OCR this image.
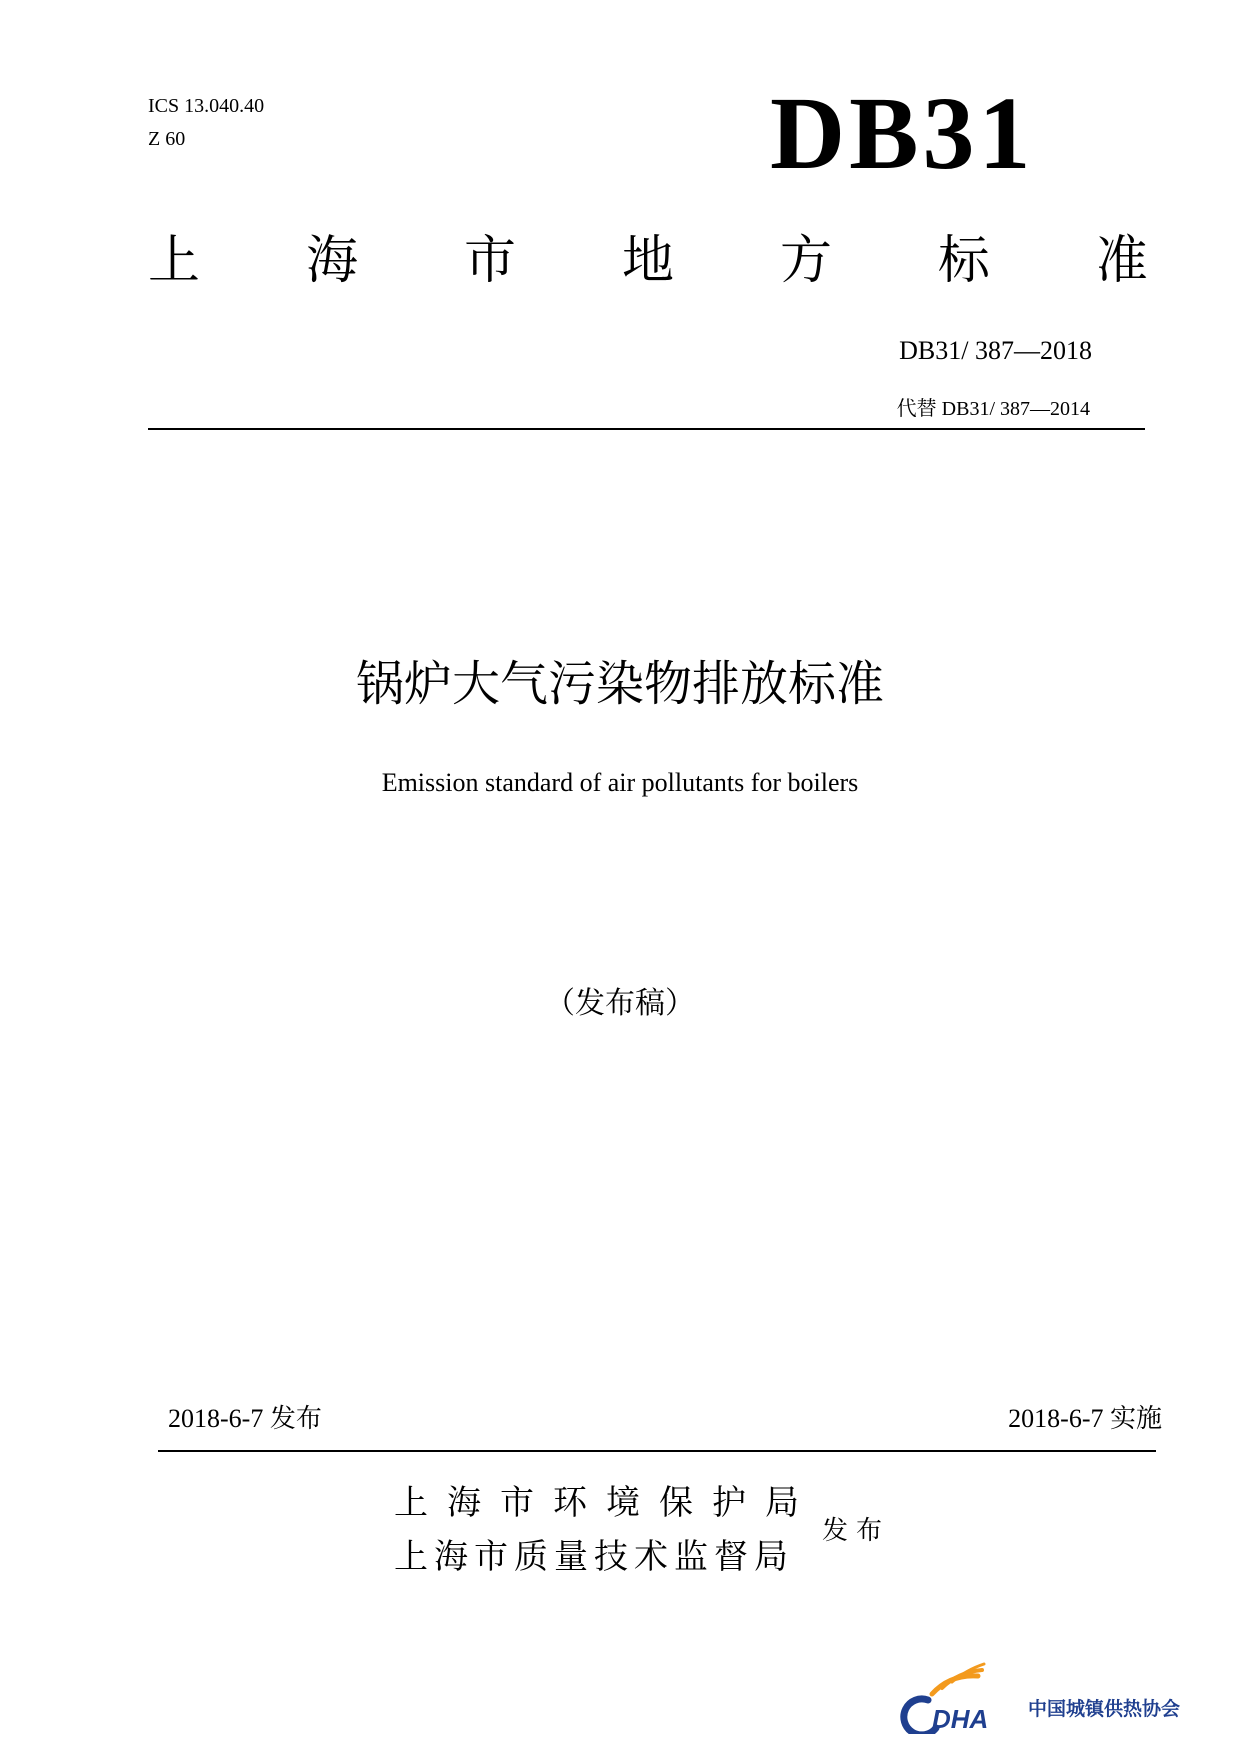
ICS 13.040.40
Z 60	DB31
上 海 市 地 方 标 准
DB31/ 387—2018
代替 DB31/ 387—2014
锅炉大气污染物排放标准
Emission standard of air pollutants for boilers
（发布稿）
2018-6-7 发布	2018-6-7 实施
上海市环境保护局
上海市质量技术监督局
发布
DHA 中国城镇供热协会
